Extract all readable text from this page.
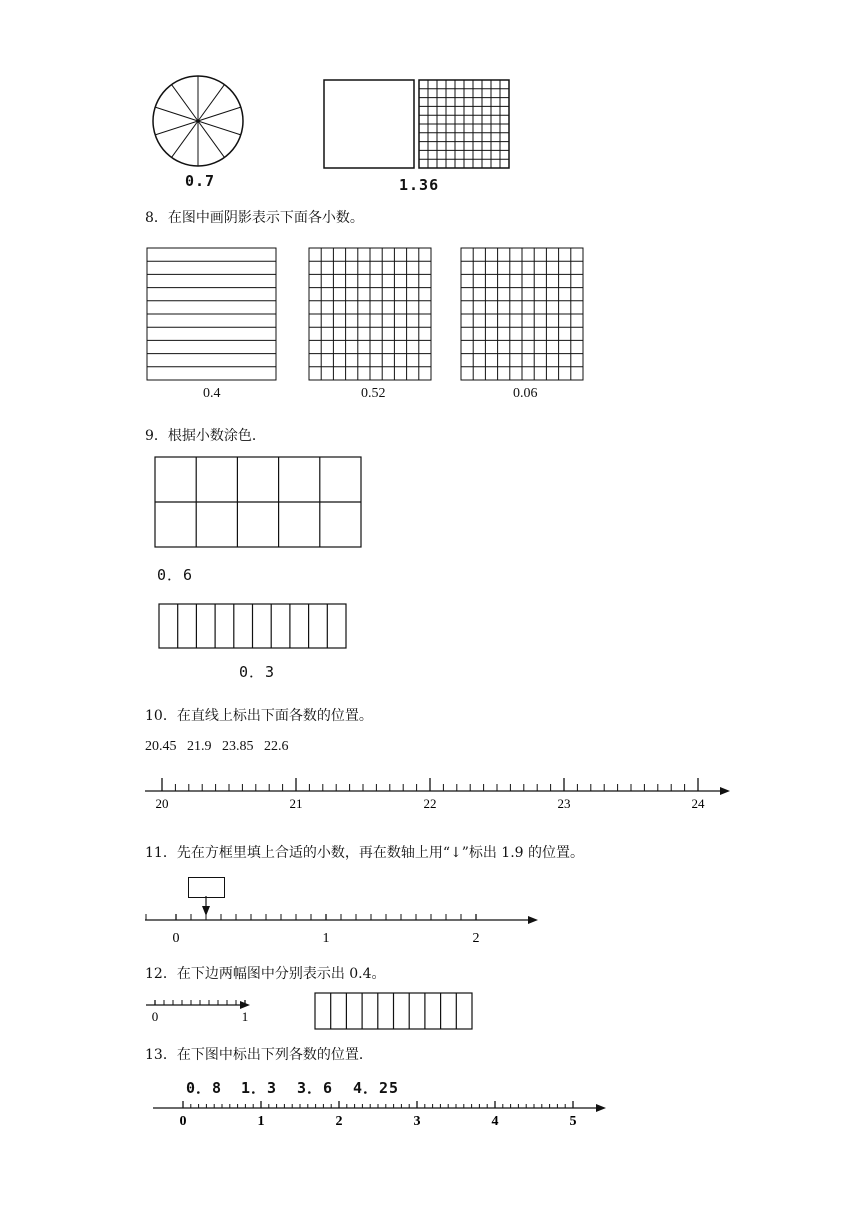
0.7	1.36
8．在图中画阴影表示下面各小数。
0.4	0.52	0.06
9．根据小数涂色．
0．6
0．3
10．在直线上标出下面各数的位置。
20.45   21.9   23.85   22.6
20	21	22	23	24
11．先在方框里填上合适的小数，再在数轴上用“↓”标出 1.9 的位置。
0	1	2
12．在下边两幅图中分别表示出 0.4。
0	1
13．在下图中标出下列各数的位置．
0．8 1．3 3．6 4．25
0	1	2	3	4	5
